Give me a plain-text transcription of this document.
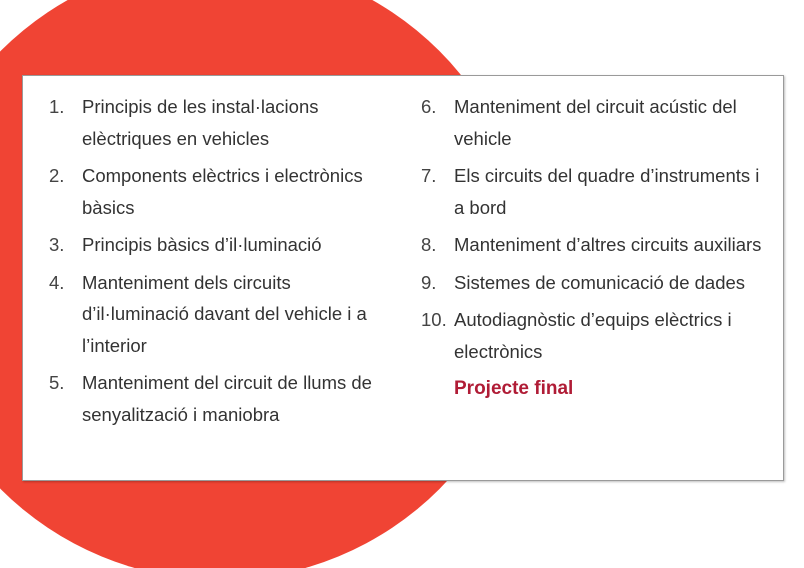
1. Principis de les instal·lacions elèctriques en vehicles
2. Components elèctrics i electrònics bàsics
3. Principis bàsics d’il·luminació
4. Manteniment dels circuits d’il·luminació davant del vehicle i a l’interior
5. Manteniment del circuit de llums de senyalització i maniobra
6. Manteniment del circuit acústic del vehicle
7. Els circuits del quadre d’instruments i a bord
8. Manteniment d’altres circuits auxiliars
9. Sistemes de comunicació de dades
10. Autodiagnòstic d’equips elèctrics i electrònics
Projecte final
